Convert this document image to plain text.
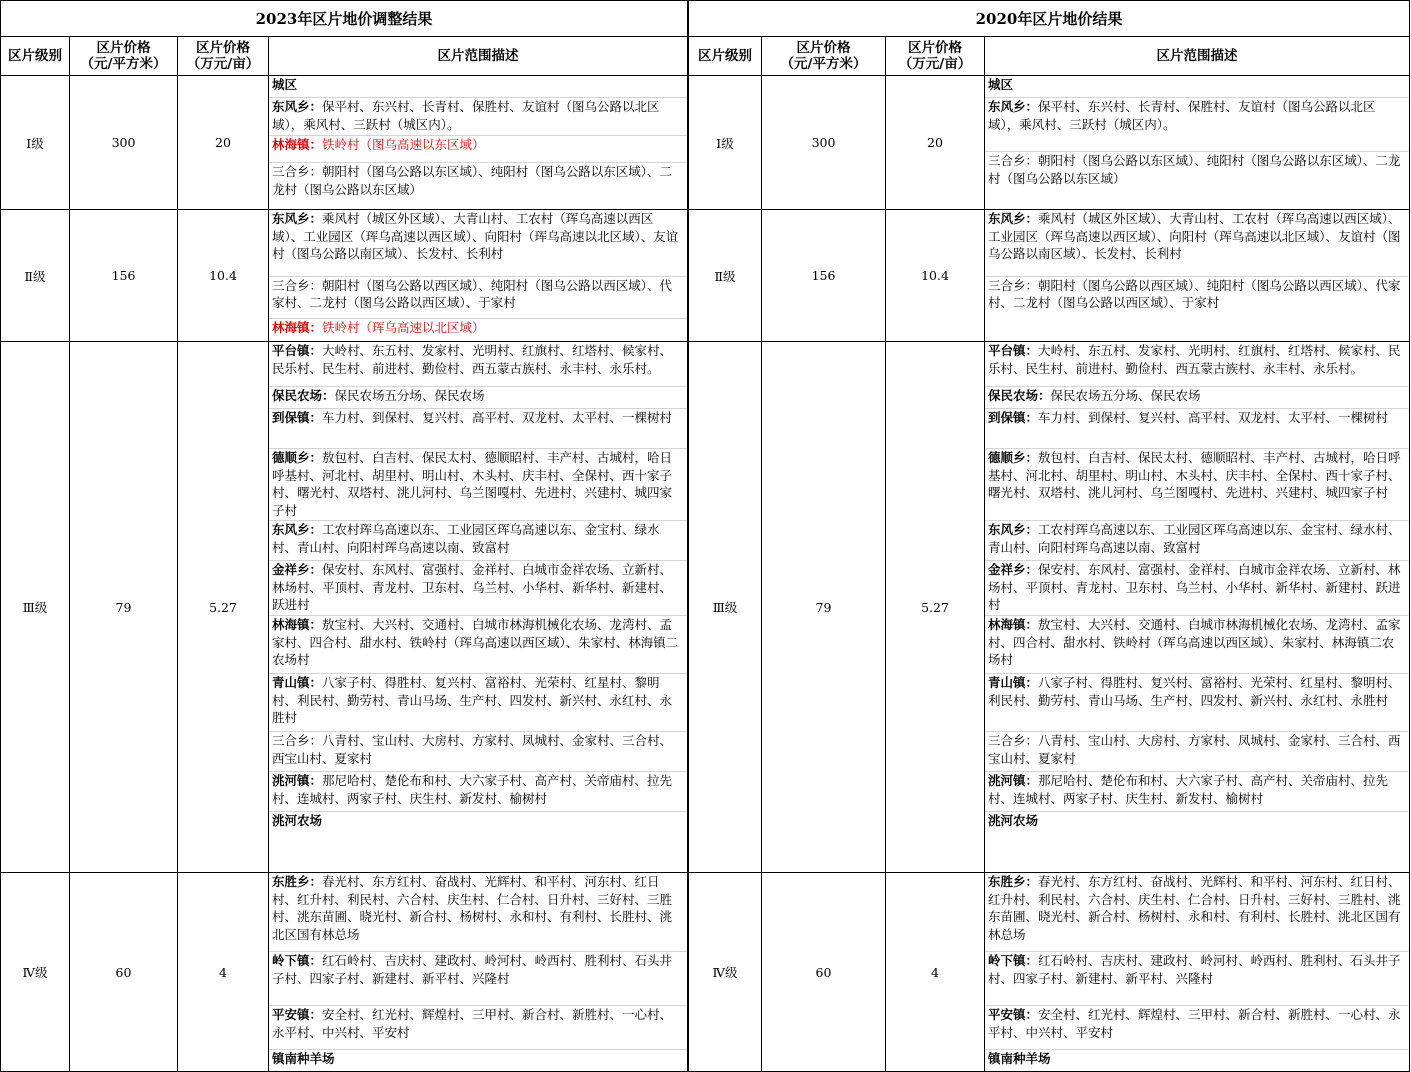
2023年区片地价调整结果
区片级别	区片价格
（元/平方米）
区片价格
（万元/亩）	区片范围描述
Ⅰ级	300	20
城区
东风乡：保平村、东兴村、长青村、保胜村、友谊村（图乌公路以北区域），乘风村、三跃村（城区内）。
林海镇：铁岭村（图乌高速以东区域）
三合乡：朝阳村（图乌公路以东区域）、纯阳村（图乌公路以东区域）、二龙村（图乌公路以东区域）
Ⅱ级	156	10.4
东风乡：乘风村（城区外区域）、大青山村、工农村（珲乌高速以西区域）、工业园区（珲乌高速以西区域）、向阳村（珲乌高速以北区域）、友谊村（图乌公路以南区域）、长发村、长利村
三合乡：朝阳村（图乌公路以西区域）、纯阳村（图乌公路以西区域）、代家村、二龙村（图乌公路以西区域）、于家村
林海镇：铁岭村（珲乌高速以北区域）
Ⅲ级	79	5.27
平台镇：大岭村、东五村、发家村、光明村、红旗村、红塔村、候家村、民乐村、民生村、前进村、勤俭村、西五蒙古族村、永丰村、永乐村。
保民农场：保民农场五分场、保民农场
到保镇：车力村、到保村、复兴村、高平村、双龙村、太平村、一棵树村
德顺乡：敖包村、白吉村、保民太村、德顺昭村、丰产村、古城村，哈日呼基村、河北村、胡里村、明山村、木头村、庆丰村、全保村、西十家子村、曙光村、双塔村、洮儿河村、乌兰图嘎村、先进村、兴建村、城四家子村
东风乡：工农村珲乌高速以东、工业园区珲乌高速以东、金宝村、绿水村、青山村、向阳村珲乌高速以南、致富村
金祥乡：保安村、东风村、富强村、金祥村、白城市金祥农场、立新村、林场村、平顶村、青龙村、卫东村、乌兰村、小华村、新华村、新建村、跃进村
林海镇：敖宝村、大兴村、交通村、白城市林海机械化农场、龙湾村、孟家村、四合村、甜水村、铁岭村（珲乌高速以西区域）、朱家村、林海镇二农场村
青山镇：八家子村、得胜村、复兴村、富裕村、光荣村、红星村、黎明村、利民村、勤劳村、青山马场、生产村、四发村、新兴村、永红村、永胜村
三合乡：八青村、宝山村、大房村、方家村、凤城村、金家村、三合村、西宝山村、夏家村
洮河镇：那尼哈村、楚伦布和村、大六家子村、高产村、关帝庙村、拉先村、连城村、两家子村、庆生村、新发村、榆树村
洮河农场
Ⅳ级	60	4
东胜乡：春光村、东方红村、奋战村、光辉村、和平村、河东村、红日村、红升村、利民村、六合村、庆生村、仁合村、日升村、三好村、三胜村、洮东苗圃、晓光村、新合村、杨树村、永和村、有利村、长胜村、洮北区国有林总场
岭下镇：红石岭村、吉庆村、建政村、岭河村、岭西村、胜利村、石头井子村、四家子村、新建村、新平村、兴隆村
平安镇：安全村、红光村、辉煌村、三甲村、新合村、新胜村、一心村、永平村、中兴村、平安村
镇南种羊场
2020年区片地价结果
区片级别	区片价格
（元/平方米）
区片价格
（万元/亩）	区片范围描述
Ⅰ级	300	20
城区
东风乡：保平村、东兴村、长青村、保胜村、友谊村（图乌公路以北区域），乘风村、三跃村（城区内）。
三合乡：朝阳村（图乌公路以东区域）、纯阳村（图乌公路以东区域）、二龙村（图乌公路以东区域）
Ⅱ级	156	10.4
东风乡：乘风村（城区外区域）、大青山村、工农村（珲乌高速以西区域）、工业园区（珲乌高速以西区域）、向阳村（珲乌高速以北区域）、友谊村（图乌公路以南区域）、长发村、长利村
三合乡：朝阳村（图乌公路以西区域）、纯阳村（图乌公路以西区域）、代家村、二龙村（图乌公路以西区域）、于家村
Ⅲ级	79	5.27
平台镇：大岭村、东五村、发家村、光明村、红旗村、红塔村、候家村、民乐村、民生村、前进村、勤俭村、西五蒙古族村、永丰村、永乐村。
保民农场：保民农场五分场、保民农场
到保镇：车力村、到保村、复兴村、高平村、双龙村、太平村、一棵树村
德顺乡：敖包村、白吉村、保民太村、德顺昭村、丰产村、古城村，哈日呼基村、河北村、胡里村、明山村、木头村、庆丰村、全保村、西十家子村、曙光村、双塔村、洮儿河村、乌兰图嘎村、先进村、兴建村、城四家子村
东风乡：工农村珲乌高速以东、工业园区珲乌高速以东、金宝村、绿水村、青山村、向阳村珲乌高速以南、致富村
金祥乡：保安村、东风村、富强村、金祥村、白城市金祥农场、立新村、林场村、平顶村、青龙村、卫东村、乌兰村、小华村、新华村、新建村、跃进村
林海镇：敖宝村、大兴村、交通村、白城市林海机械化农场、龙湾村、孟家村、四合村、甜水村、铁岭村（珲乌高速以西区域）、朱家村、林海镇二农场村
青山镇：八家子村、得胜村、复兴村、富裕村、光荣村、红星村、黎明村、利民村、勤劳村、青山马场、生产村、四发村、新兴村、永红村、永胜村
三合乡：八青村、宝山村、大房村、方家村、凤城村、金家村、三合村、西宝山村、夏家村
洮河镇：那尼哈村、楚伦布和村、大六家子村、高产村、关帝庙村、拉先村、连城村、两家子村、庆生村、新发村、榆树村
洮河农场
Ⅳ级	60	4
东胜乡：春光村、东方红村、奋战村、光辉村、和平村、河东村、红日村、红升村、利民村、六合村、庆生村、仁合村、日升村、三好村、三胜村、洮东苗圃、晓光村、新合村、杨树村、永和村、有利村、长胜村、洮北区国有林总场
岭下镇：红石岭村、吉庆村、建政村、岭河村、岭西村、胜利村、石头井子村、四家子村、新建村、新平村、兴隆村
平安镇：安全村、红光村、辉煌村、三甲村、新合村、新胜村、一心村、永平村、中兴村、平安村
镇南种羊场
